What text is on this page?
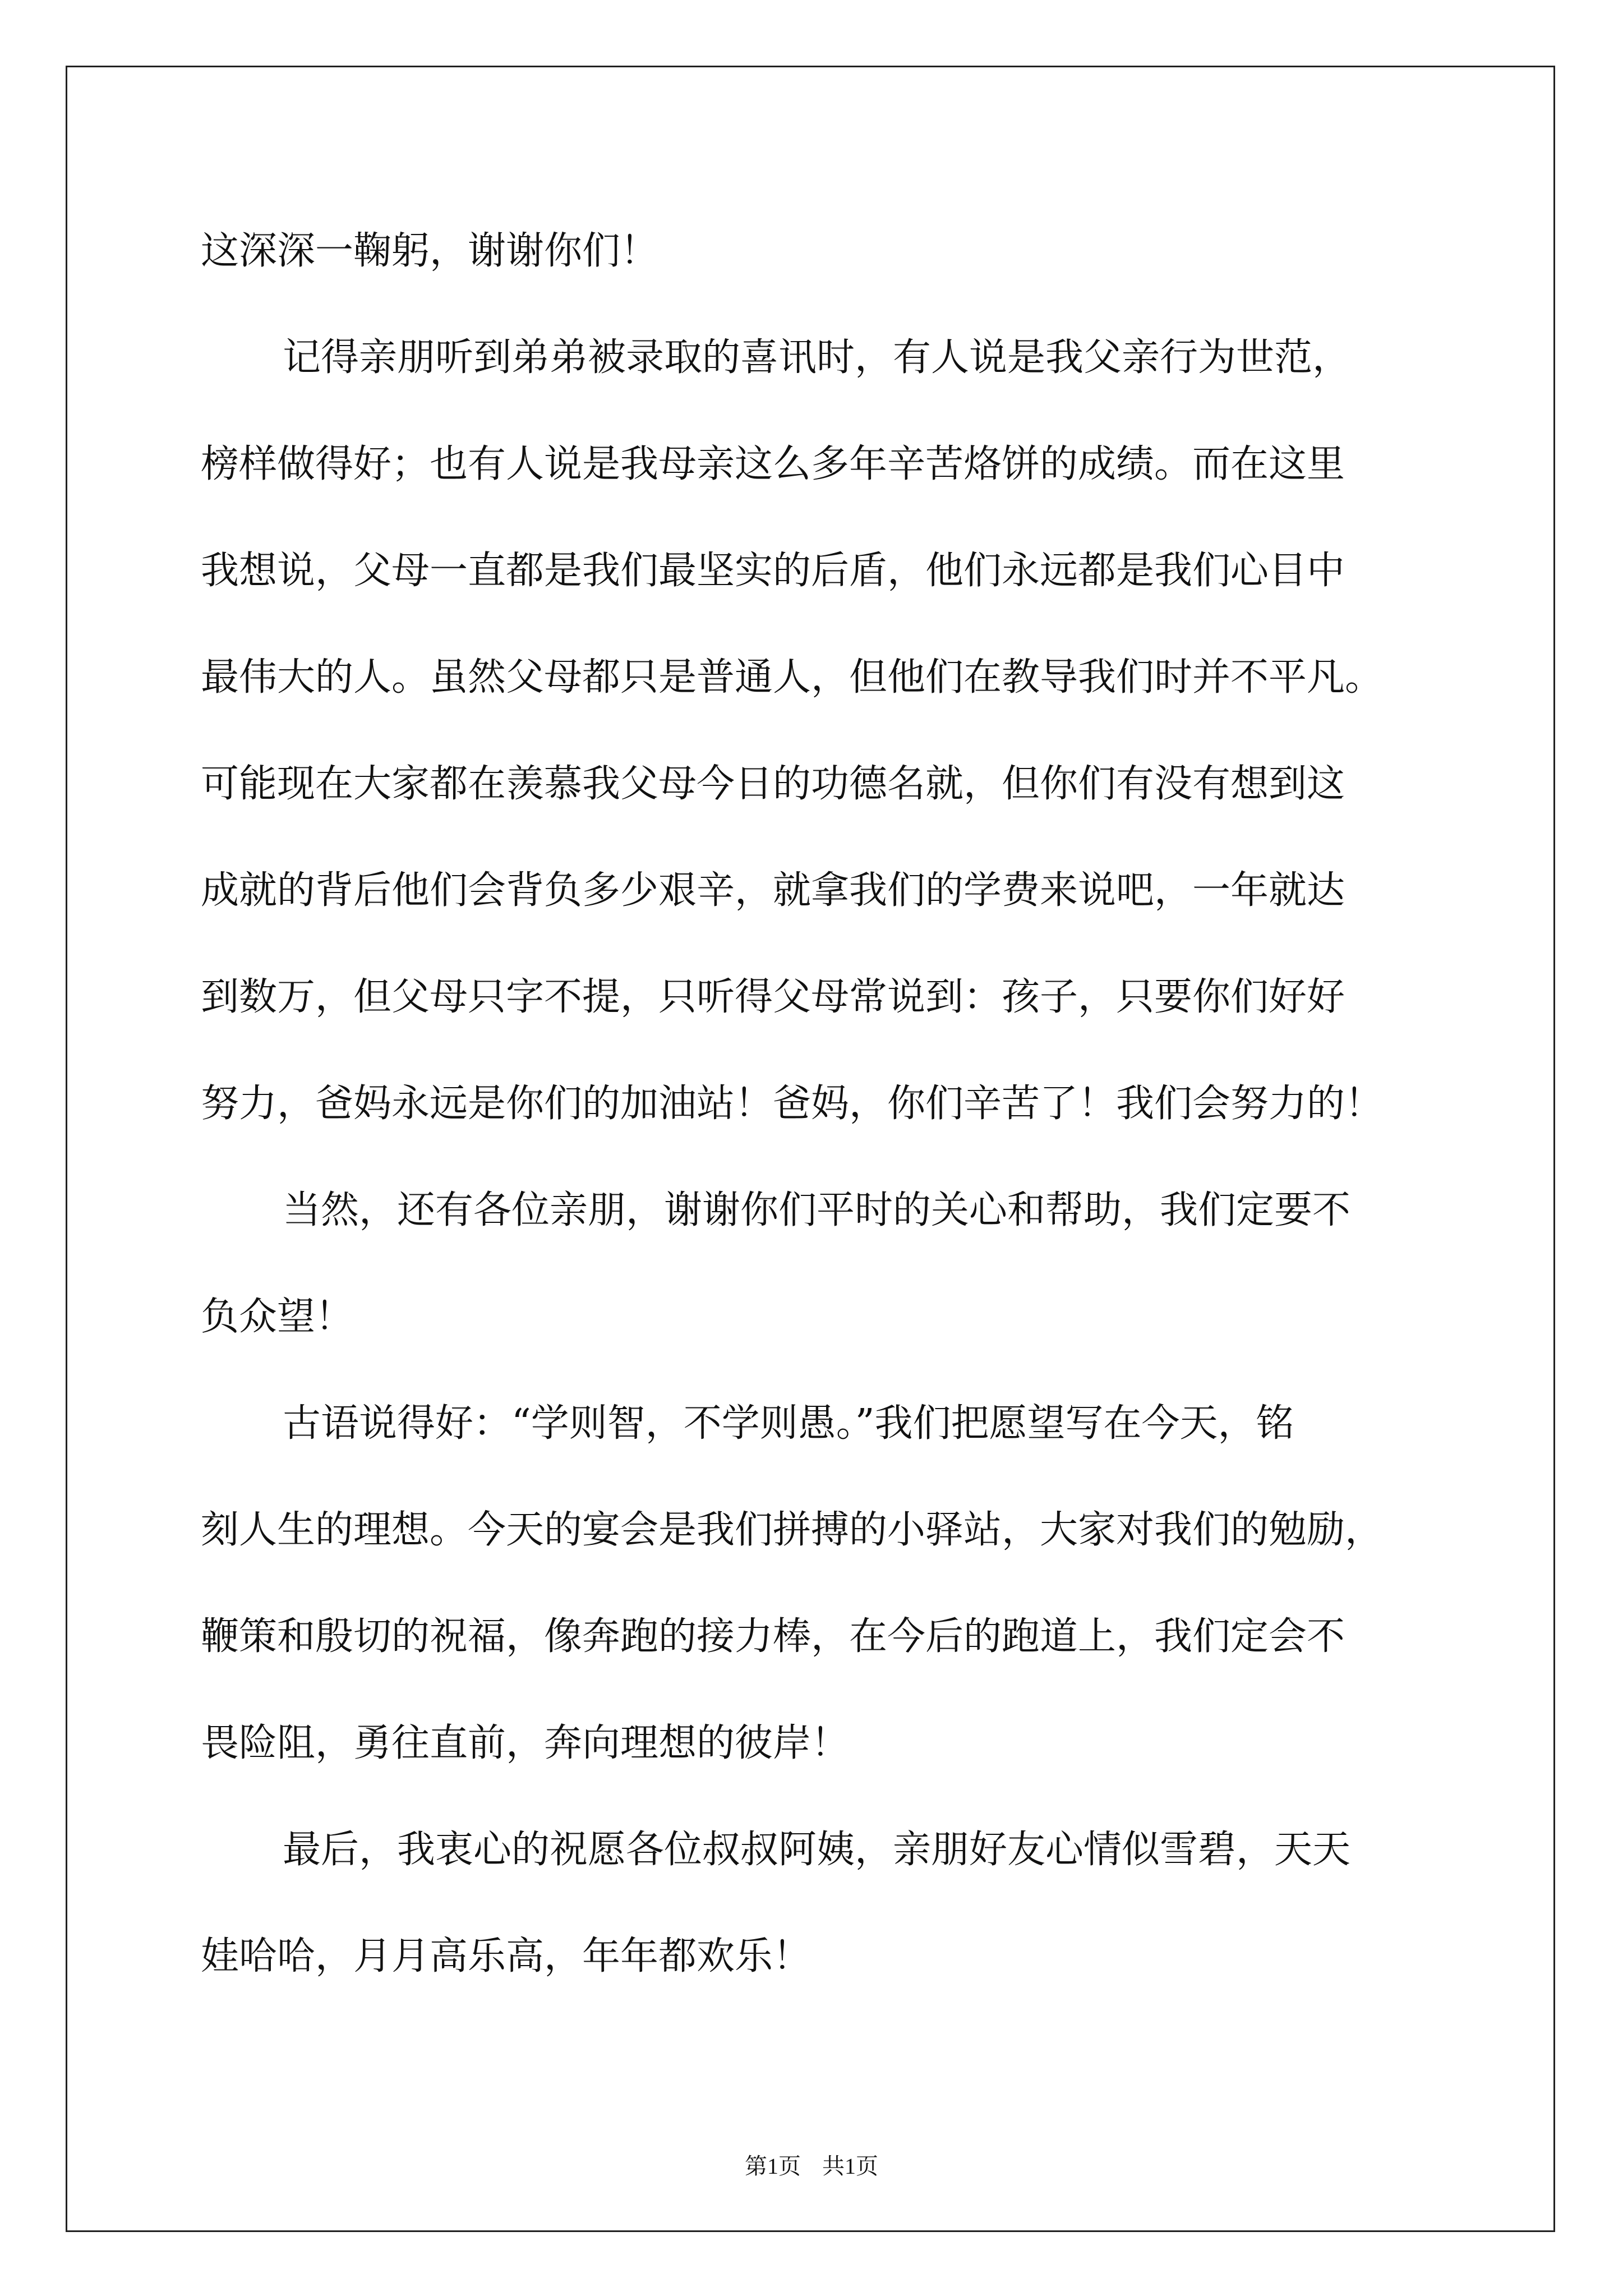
这深深一鞠躬，谢谢你们！
记得亲朋听到弟弟被录取的喜讯时，有人说是我父亲行为世范，
榜样做得好；也有人说是我母亲这么多年辛苦烙饼的成绩。而在这里
我想说，父母一直都是我们最坚实的后盾，他们永远都是我们心目中
最伟大的人。虽然父母都只是普通人，但他们在教导我们时并不平凡。
可能现在大家都在羡慕我父母今日的功德名就，但你们有没有想到这
成就的背后他们会背负多少艰辛，就拿我们的学费来说吧，一年就达
到数万，但父母只字不提，只听得父母常说到：孩子，只要你们好好
努力，爸妈永远是你们的加油站！爸妈，你们辛苦了！我们会努力的！
当然，还有各位亲朋，谢谢你们平时的关心和帮助，我们定要不
负众望！
古语说得好：“学则智，不学则愚。”我们把愿望写在今天，铭
刻人生的理想。今天的宴会是我们拼搏的小驿站，大家对我们的勉励，
鞭策和殷切的祝福，像奔跑的接力棒，在今后的跑道上，我们定会不
畏险阻，勇往直前，奔向理想的彼岸！
最后，我衷心的祝愿各位叔叔阿姨，亲朋好友心情似雪碧，天天
娃哈哈，月月高乐高，年年都欢乐！
第1页 共1页
